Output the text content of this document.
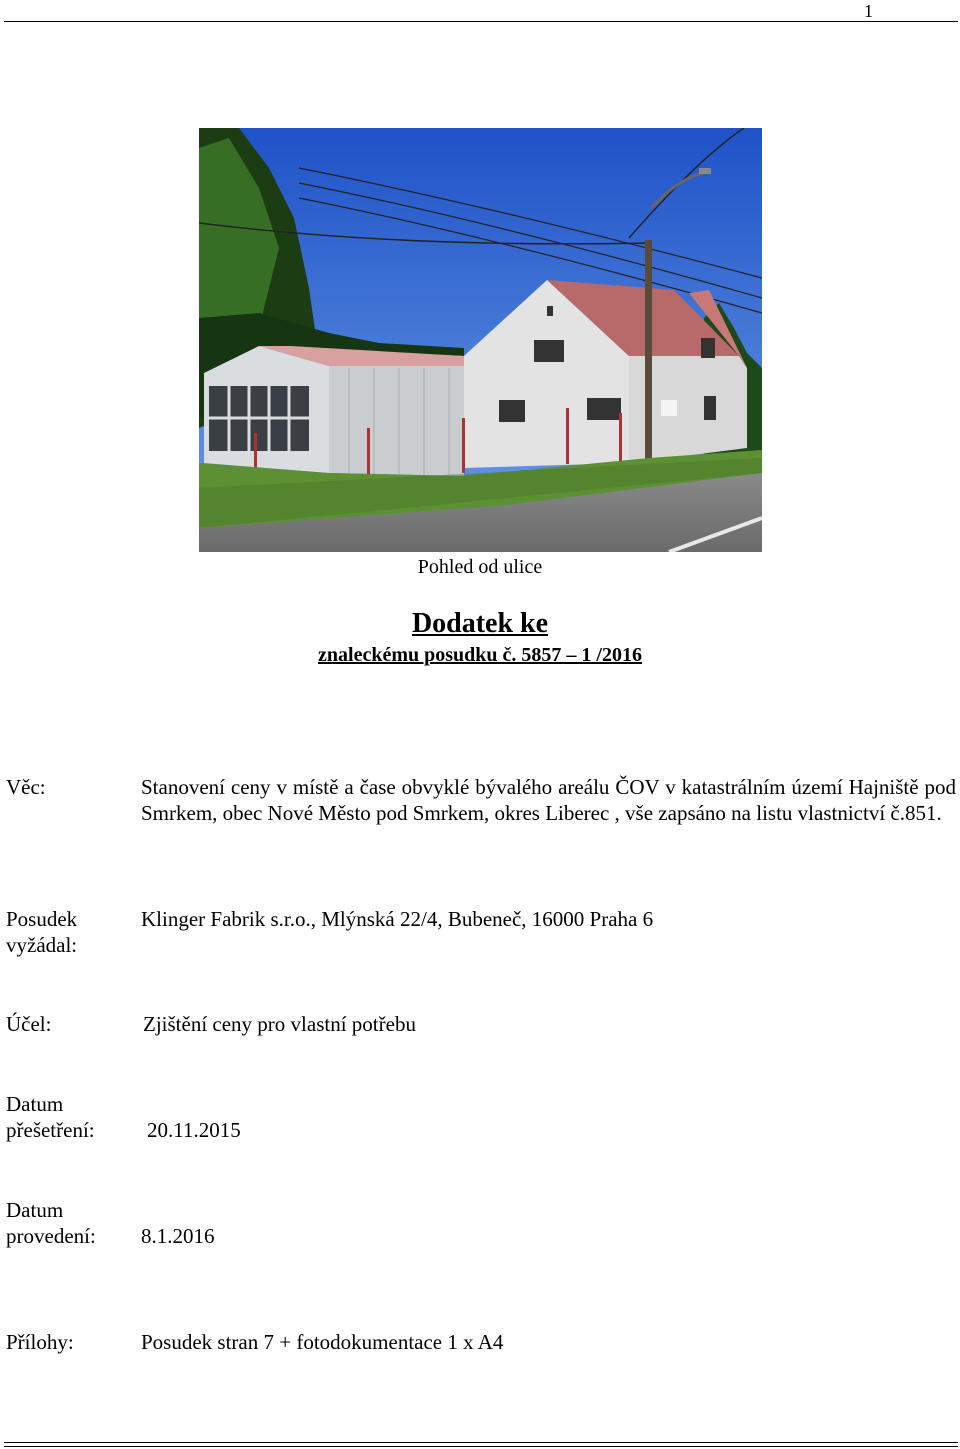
1
Pohled od ulice
Dodatek ke
znaleckému posudku č. 5857 – 1 /2016
Věc:	Stanovení ceny v místě a čase obvyklé bývalého areálu ČOV v katastrálním území Hajniště pod Smrkem, obec Nové Město pod Smrkem, okres Liberec , vše zapsáno na listu vlastnictví č.851.
Posudek
vyžádal:
Klinger Fabrik s.r.o., Mlýnská 22/4, Bubeneč, 16000 Praha 6
Účel:	Zjištění ceny pro vlastní potřebu
Datum
přešetření: 20.11.2015
Datum
provedení: 8.1.2016
Přílohy:	Posudek stran 7 + fotodokumentace 1 x A4
